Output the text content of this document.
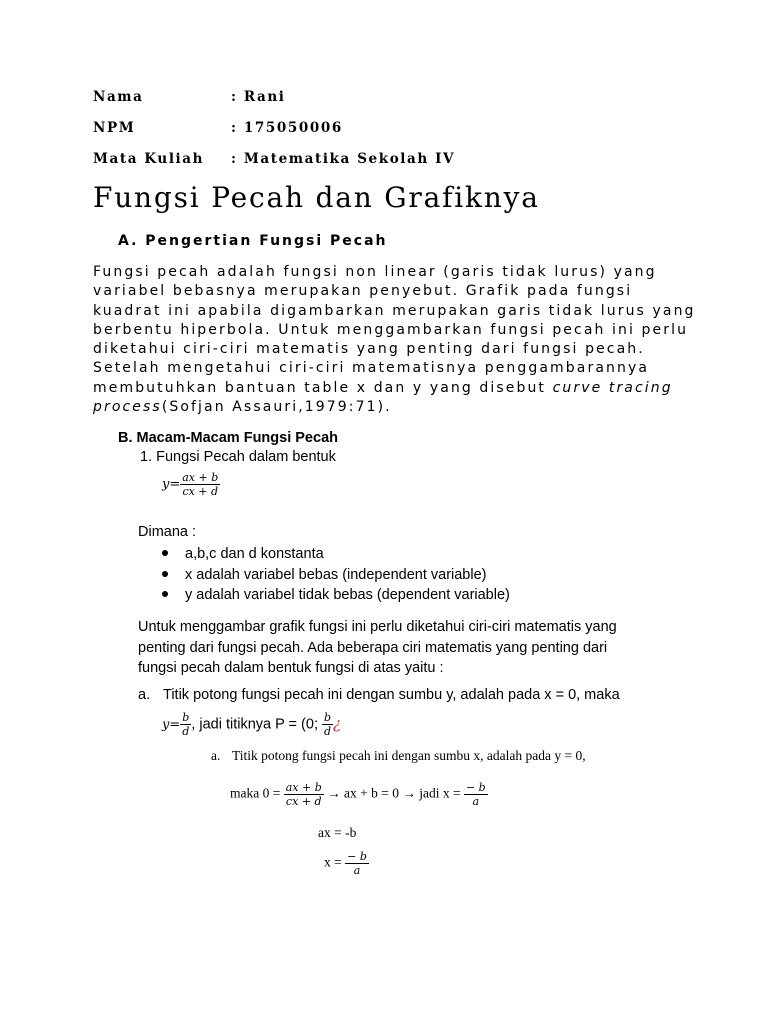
Nama	: Rani
NPM	: 175050006
Mata Kuliah : Matematika Sekolah IV
Fungsi Pecah dan Grafiknya
A. Pengertian Fungsi Pecah
Fungsi pecah adalah fungsi non linear (garis tidak lurus) yang
variabel bebasnya merupakan penyebut. Grafik pada fungsi
kuadrat ini apabila digambarkan merupakan garis tidak lurus yang
berbentu hiperbola. Untuk menggambarkan fungsi pecah ini perlu
diketahui ciri-ciri matematis yang penting dari fungsi pecah.
Setelah mengetahui ciri-ciri matematisnya penggambarannya
membutuhkan bantuan table x dan y yang disebut curve tracing
process(Sofjan Assauri,1979:71).
B. Macam-Macam Fungsi Pecah
1. Fungsi Pecah dalam bentuk
$y= \frac{ax + b}{cx + d}$
Dimana :
a,b,c dan d konstanta
x adalah variabel bebas (independent variable)
y adalah variabel tidak bebas (dependent variable)
Untuk menggambar grafik fungsi ini perlu diketahui ciri-ciri matematis yang
penting dari fungsi pecah. Ada beberapa ciri matematis yang penting dari
fungsi pecah dalam bentuk fungsi di atas yaitu :
a. Titik potong fungsi pecah ini dengan sumbu y, adalah pada x = 0, maka
$y= \frac{b}{d}$ , jadi titiknya P = (0; $\frac{b}{d}$ ¿
a. Titik potong fungsi pecah ini dengan sumbu x, adalah pada y = 0,
maka $0 = \frac{ax + b}{cx + d}$ → ax + b = 0 → jadi $x = \frac{- b}{a}$
ax = -b
$x = \frac{- b}{a}$
